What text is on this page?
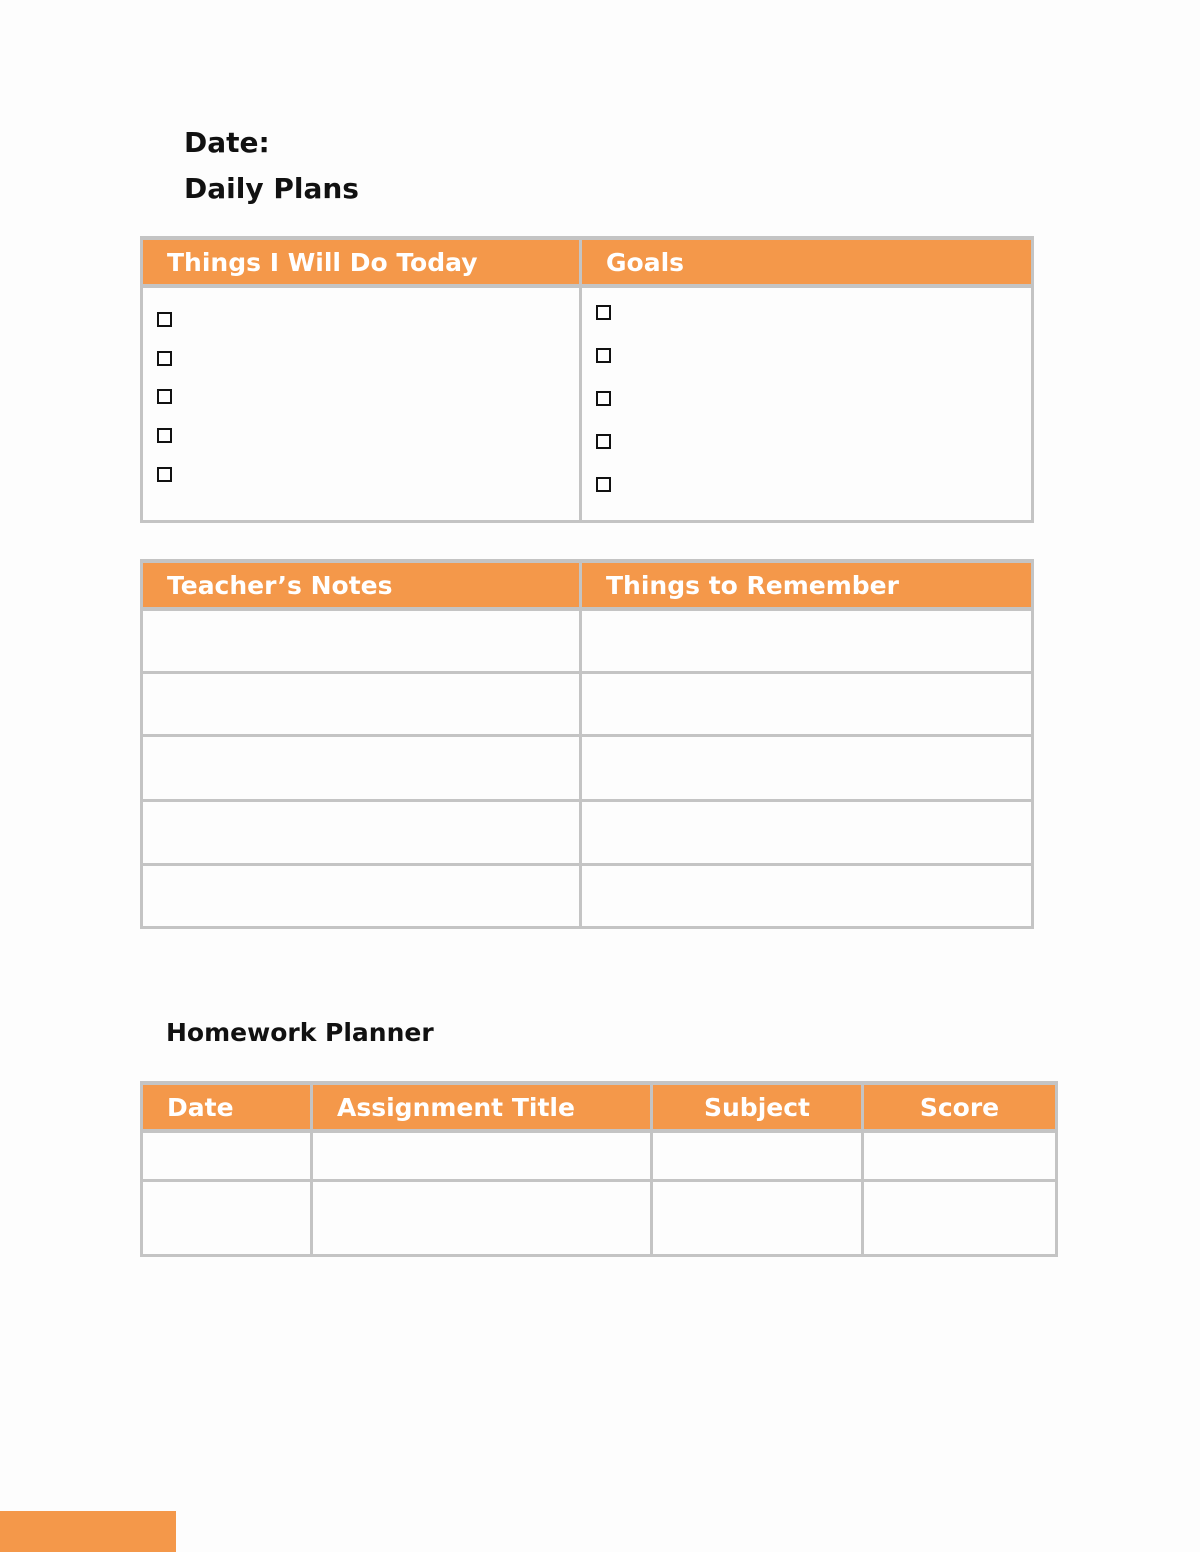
Date:
Daily Plans
Things I Will Do Today	Goals

Teacher’s Notes	Things to Remember

Homework Planner
Date	Assignment Title	Subject	Score
